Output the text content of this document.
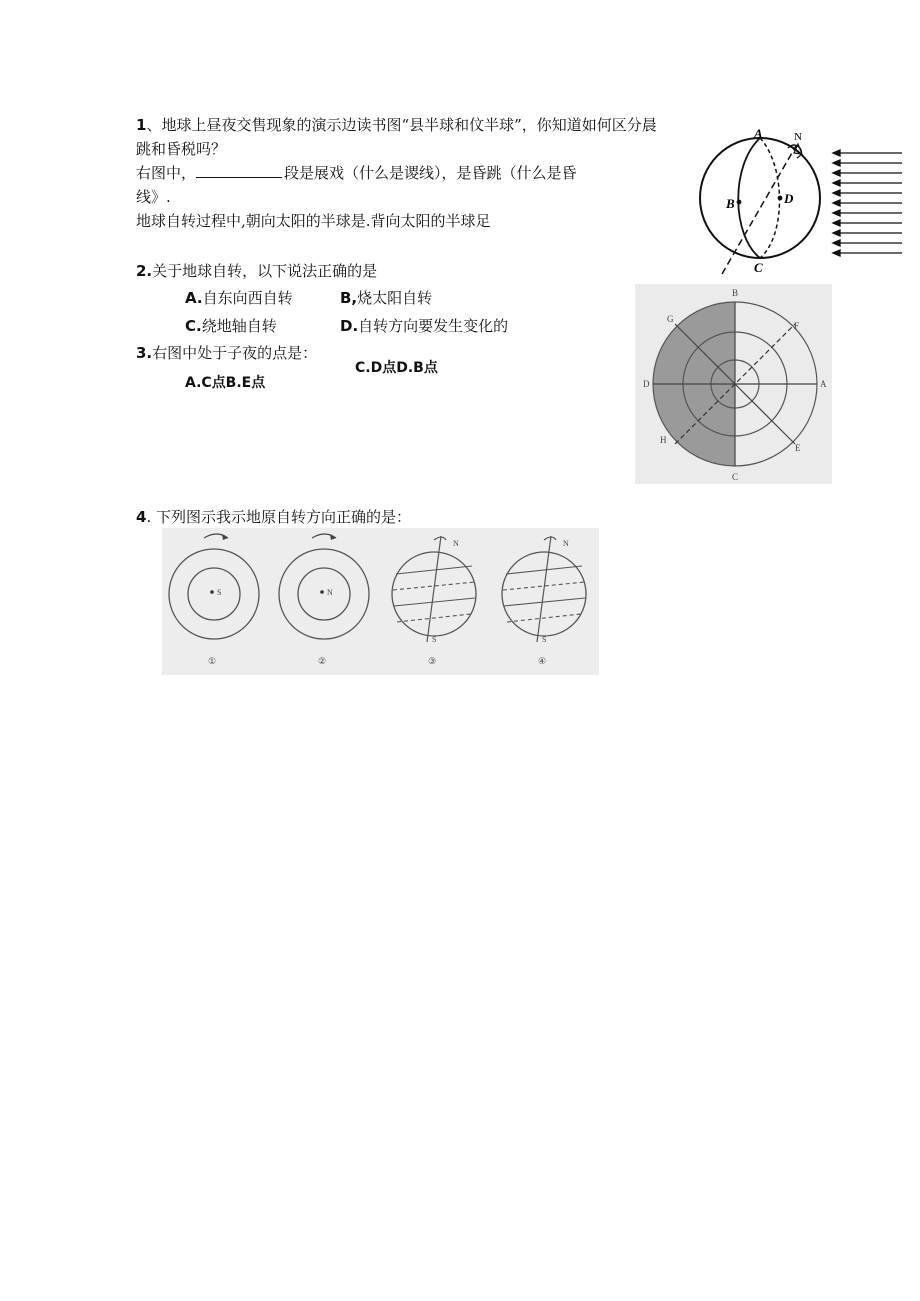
1、地球上昼夜交售现象的演示边读书图“县半球和伩半球”，你知道如何区分晨
跳和昏税吗？
右图中，	段是展戏（什么是谡线），是昏跳（什么是昏
线》.
地球自转过程中,朝向太阳的半球是.背向太阳的半球足
A	N
B	D
C
2.关于地球自转，以下说法正确的是
A.自东向西自转	B,烧太阳自转
C.绕地轴自转	D.自转方向要发生变化的
3.右图中处于子夜的点是：
C.D点D.B点
A.C点B.E点
B
C
D	A
G
F
H
E
4. 下列图示我示地原自转方向正确的是：
S
①
N
②
N
S
③
N
S
④
